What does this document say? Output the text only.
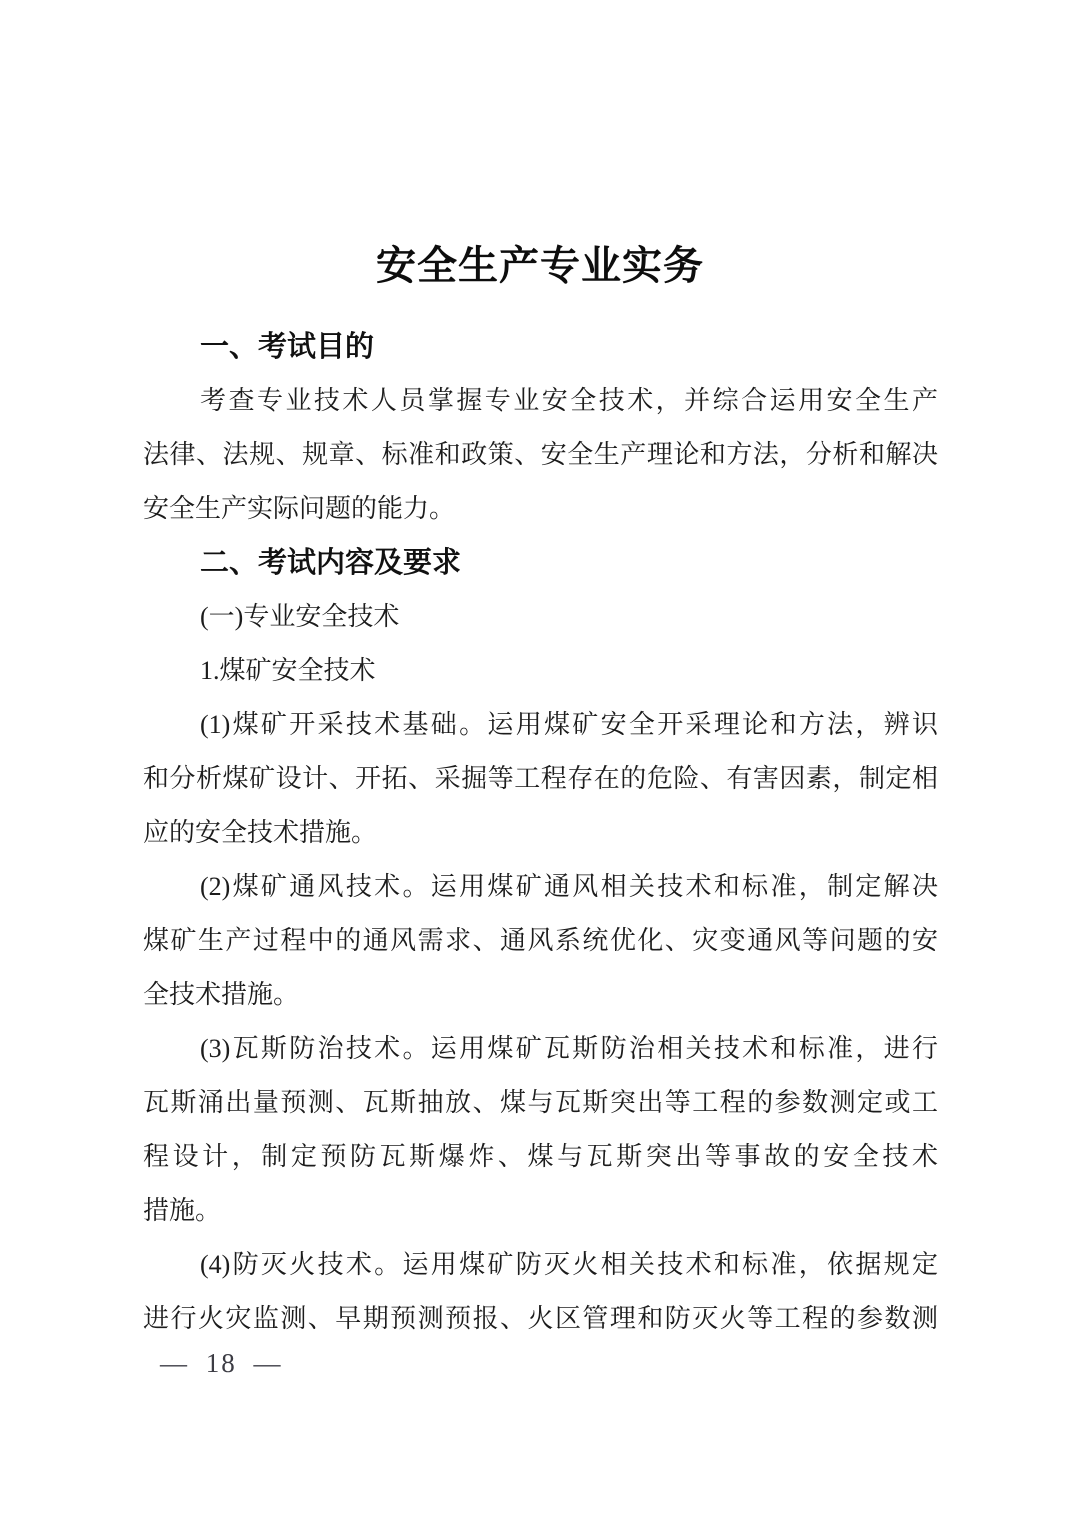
安全生产专业实务
一、考试目的
考查专业技术人员掌握专业安全技术，并综合运用安全生产
法律、法规、规章、标准和政策、安全生产理论和方法，分析和解决
安全生产实际问题的能力。
二、考试内容及要求
(一)专业安全技术
1.煤矿安全技术
(1)煤矿开采技术基础。运用煤矿安全开采理论和方法，辨识
和分析煤矿设计、开拓、采掘等工程存在的危险、有害因素，制定相
应的安全技术措施。
(2)煤矿通风技术。运用煤矿通风相关技术和标准，制定解决
煤矿生产过程中的通风需求、通风系统优化、灾变通风等问题的安
全技术措施。
(3)瓦斯防治技术。运用煤矿瓦斯防治相关技术和标准，进行
瓦斯涌出量预测、瓦斯抽放、煤与瓦斯突出等工程的参数测定或工
程设计，制定预防瓦斯爆炸、煤与瓦斯突出等事故的安全技术
措施。
(4)防灭火技术。运用煤矿防灭火相关技术和标准，依据规定
进行火灾监测、早期预测预报、火区管理和防灭火等工程的参数测
— 18 —
